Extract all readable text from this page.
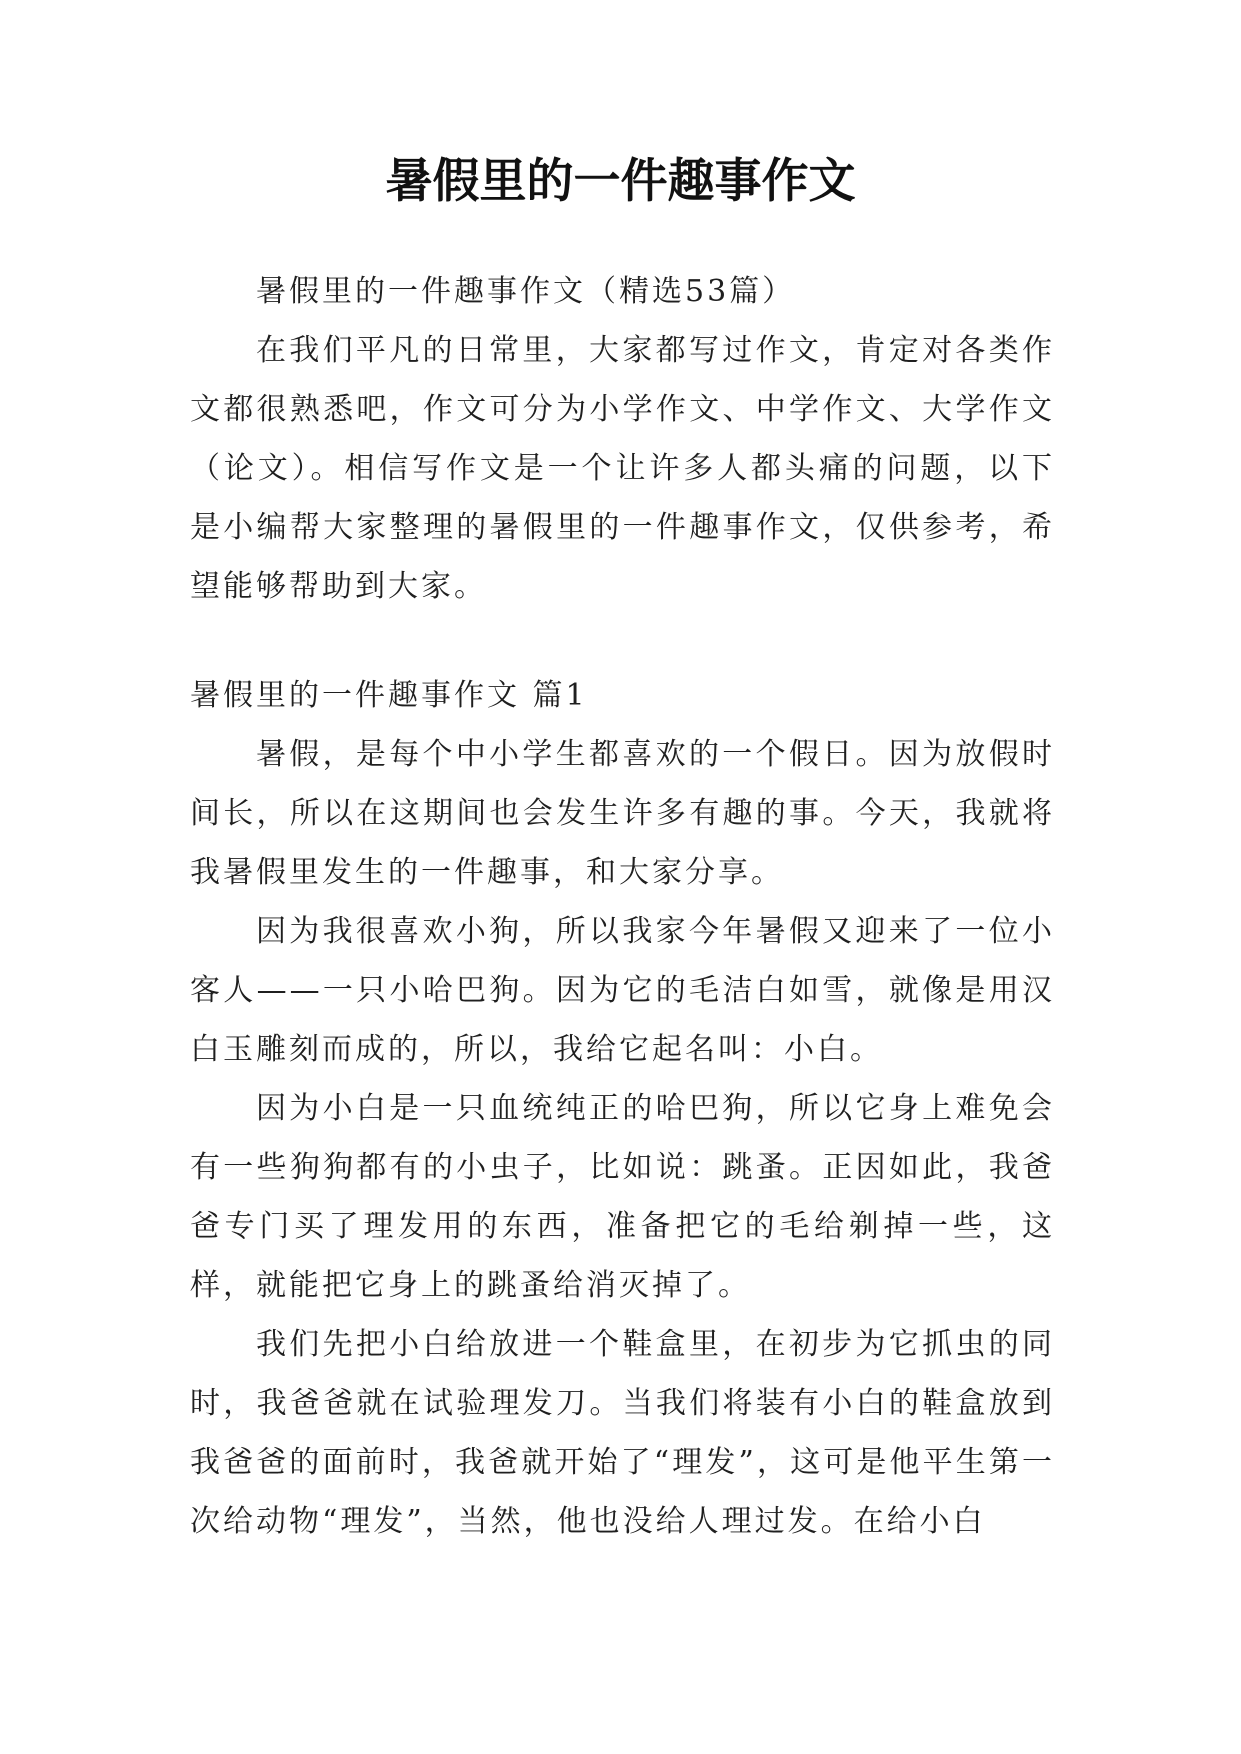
暑假里的一件趣事作文

暑假里的一件趣事作文（精选53篇）

在我们平凡的日常里，大家都写过作文，肯定对各类作文都很熟悉吧，作文可分为小学作文、中学作文、大学作文（论文）。相信写作文是一个让许多人都头痛的问题，以下是小编帮大家整理的暑假里的一件趣事作文，仅供参考，希望能够帮助到大家。

暑假里的一件趣事作文 篇1

暑假，是每个中小学生都喜欢的一个假日。因为放假时间长，所以在这期间也会发生许多有趣的事。今天，我就将我暑假里发生的一件趣事，和大家分享。

因为我很喜欢小狗，所以我家今年暑假又迎来了一位小客人——一只小哈巴狗。因为它的毛洁白如雪，就像是用汉白玉雕刻而成的，所以，我给它起名叫：小白。

因为小白是一只血统纯正的哈巴狗，所以它身上难免会有一些狗狗都有的小虫子，比如说：跳蚤。正因如此，我爸爸专门买了理发用的东西，准备把它的毛给剃掉一些，这样，就能把它身上的跳蚤给消灭掉了。

我们先把小白给放进一个鞋盒里，在初步为它抓虫的同时，我爸爸就在试验理发刀。当我们将装有小白的鞋盒放到我爸爸的面前时，我爸就开始了“理发”，这可是他平生第一次给动物“理发”，当然，他也没给人理过发。在给小白
